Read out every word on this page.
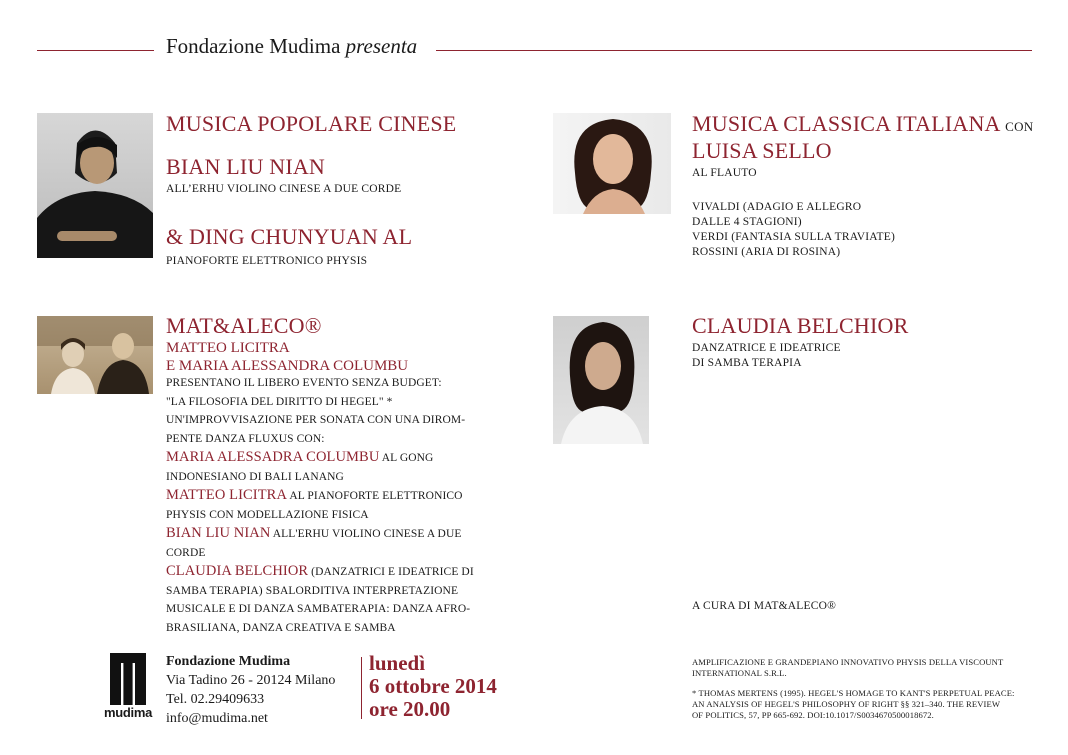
Fondazione Mudima presenta
MUSICA POPOLARE CINESE
BIAN LIU NIAN
ALL’ERHU VIOLINO CINESE A DUE CORDE
& DING CHUNYUAN AL
PIANOFORTE ELETTRONICO PHYSIS
MAT&ALECO®
MATTEO LICITRA
E MARIA ALESSANDRA COLUMBU
PRESENTANO IL LIBERO EVENTO SENZA BUDGET:
"LA FILOSOFIA DEL DIRITTO DI HEGEL" *
UN'IMPROVVISAZIONE PER SONATA CON UNA DIROM-
PENTE DANZA FLUXUS CON:
MARIA ALESSADRA COLUMBU AL GONG
INDONESIANO DI BALI LANANG
MATTEO LICITRA AL PIANOFORTE ELETTRONICO
PHYSIS CON MODELLAZIONE FISICA
BIAN LIU NIAN ALL'ERHU VIOLINO CINESE A DUE
CORDE
CLAUDIA BELCHIOR (DANZATRICI E IDEATRICE DI
SAMBA TERAPIA) SBALORDITIVA INTERPRETAZIONE
MUSICALE E DI DANZA SAMBATERAPIA: DANZA AFRO-
BRASILIANA, DANZA CREATIVA E SAMBA
MUSICA CLASSICA ITALIANA CON
LUISA SELLO
AL FLAUTO
VIVALDI (ADAGIO E ALLEGRO
DALLE 4 STAGIONI)
VERDI (FANTASIA SULLA TRAVIATE)
ROSSINI (ARIA DI ROSINA)
CLAUDIA BELCHIOR
DANZATRICE E IDEATRICE
DI SAMBA TERAPIA
A CURA DI MAT&ALECO®
mudima
Fondazione Mudima
Via Tadino 26 - 20124 Milano
Tel. 02.29409633
info@mudima.net
lunedì
6 ottobre 2014
ore 20.00
AMPLIFICAZIONE E GRANDEPIANO INNOVATIVO PHYSIS DELLA VISCOUNT
INTERNATIONAL S.R.L.
* THOMAS MERTENS (1995). HEGEL'S HOMAGE TO KANT'S PERPETUAL PEACE:
AN ANALYSIS OF HEGEL'S PHILOSOPHY OF RIGHT §§ 321–340. THE REVIEW
OF POLITICS, 57, PP 665-692. DOI:10.1017/S0034670500018672.
